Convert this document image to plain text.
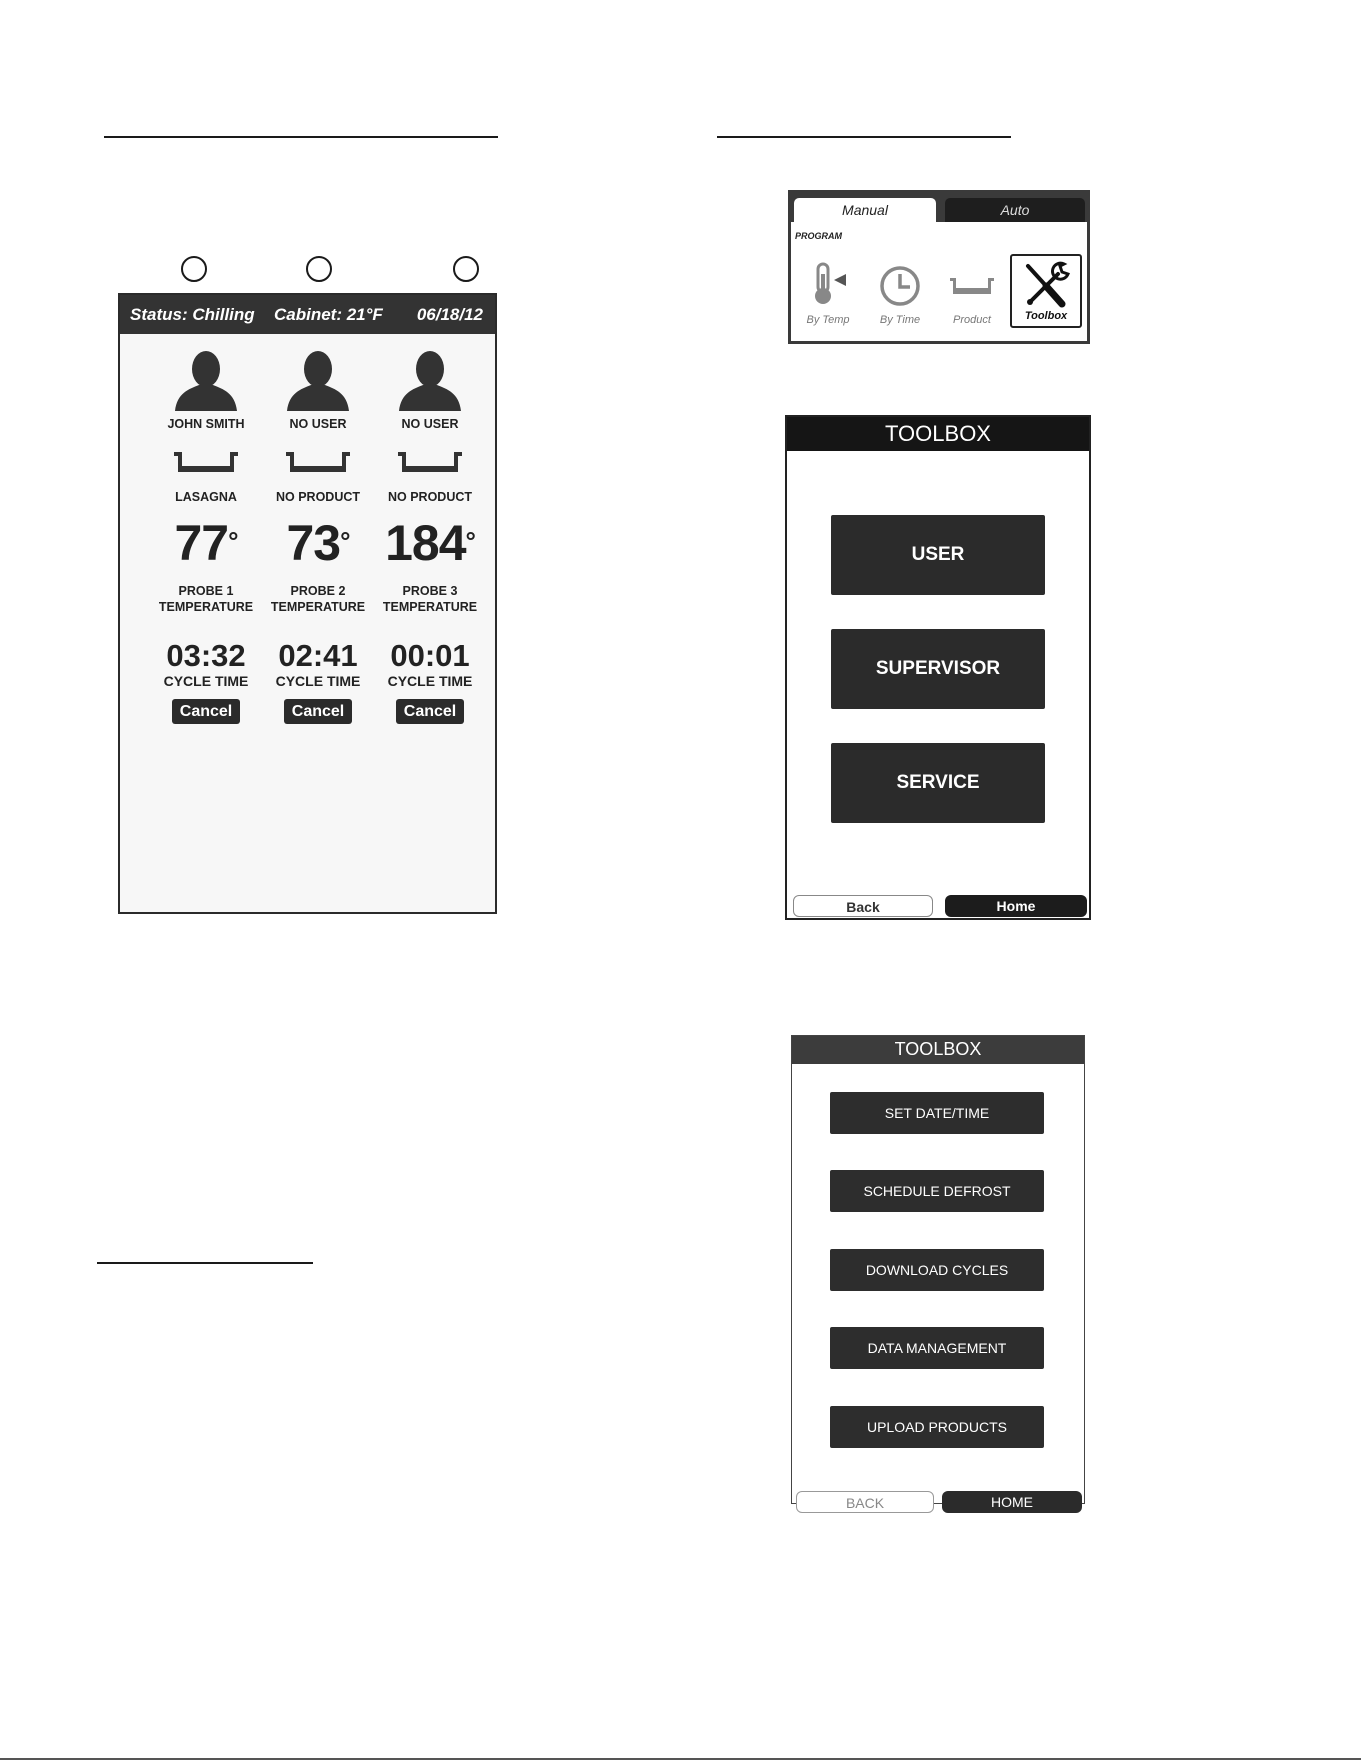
Status: Chilling Cabinet: 21°F 06/18/12
JOHN SMITH
LASAGNA
77°
PROBE 1
TEMPERATURE
03:32
CYCLE TIME
Cancel
NO USER
NO PRODUCT
73°
PROBE 2
TEMPERATURE
02:41
CYCLE TIME
Cancel
NO USER
NO PRODUCT
184°
PROBE 3
TEMPERATURE
00:01
CYCLE TIME
Cancel
Manual	Auto
PROGRAM
By Temp	By Time	Product	Toolbox
TOOLBOX
USER
SUPERVISOR
SERVICE
Back	Home
TOOLBOX
SET DATE/TIME
SCHEDULE DEFROST
DOWNLOAD CYCLES
DATA MANAGEMENT
UPLOAD PRODUCTS
BACK	HOME
